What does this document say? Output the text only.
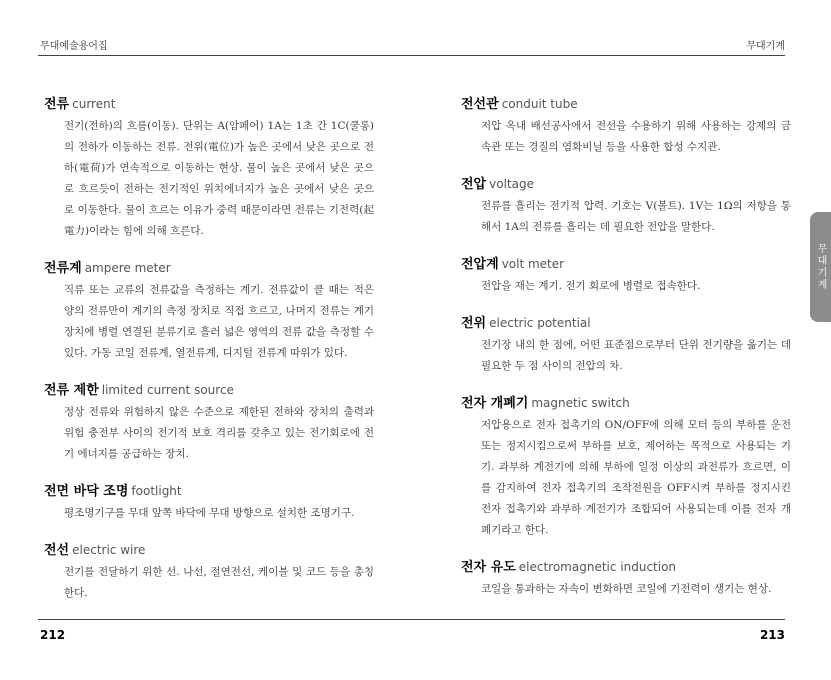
무대예술용어집	무대기계
전류 current
전기(전하)의 흐름(이동). 단위는 A(암페어) 1A는 1초 간 1C(쿨롱)의 전하가 이동하는 전류. 전위(電位)가 높은 곳에서 낮은 곳으로 전하(電荷)가 연속적으로 이동하는 현상. 물이 높은 곳에서 낮은 곳으로 흐르듯이 전하는 전기적인 위치에너지가 높은 곳에서 낮은 곳으로 이동한다. 물이 흐르는 이유가 중력 때문이라면 전류는 기전력(起電力)이라는 힘에 의해 흐른다.
전류계 ampere meter
직류 또는 교류의 전류값을 측정하는 계기. 전류값이 클 때는 적은 양의 전류만이 계기의 측정 장치로 직접 흐르고, 나머지 전류는 계기 장치에 병렬 연결된 분류기로 흘러 넓은 영역의 전류 값을 측정할 수 있다. 가동 코일 전류계, 열전류계, 디지털 전류계 따위가 있다.
전류 제한 limited current source
정상 전류와 위험하지 않은 수준으로 제한된 전하와 장치의 출력과 위험 충전부 사이의 전기적 보호 격리를 갖추고 있는 전기회로에 전기 에너지를 공급하는 장치.
전면 바닥 조명 footlight
평조명기구를 무대 앞쪽 바닥에 무대 방향으로 설치한 조명기구.
전선 electric wire
전기를 전달하기 위한 선. 나선, 절연전선, 케이블 및 코드 등을 총칭한다.
전선관 conduit tube
저압 옥내 배선공사에서 전선을 수용하기 위해 사용하는 강제의 금속관 또는 경질의 염화비닐 등을 사용한 합성 수지관.
전압 voltage
전류를 흘리는 전기적 압력. 기호는 V(볼트). 1V는 1Ω의 저항을 통해서 1A의 전류를 흘리는 데 필요한 전압을 말한다.
전압계 volt meter
전압을 재는 계기. 전기 회로에 병렬로 접속한다.
전위 electric potential
전기장 내의 한 점에, 어떤 표준점으로부터 단위 전기량을 옮기는 데 필요한 두 점 사이의 전압의 차.
전자 개폐기 magnetic switch
저압용으로 전자 접촉기의 ON/OFF에 의해 모터 등의 부하를 운전 또는 정지시킴으로써 부하를 보호, 제어하는 목적으로 사용되는 기기. 과부하 계전기에 의해 부하에 일정 이상의 과전류가 흐르면, 이를 감지하여 전자 접촉기의 조작전원을 OFF시켜 부하를 정지시킨 전자 접촉기와 과부하 계전기가 조합되어 사용되는데 이를 전자 개폐기라고 한다.
전자 유도 electromagnetic induction
코일을 통과하는 자속이 변화하면 코일에 기전력이 생기는 현상.
무대기계
212	213
